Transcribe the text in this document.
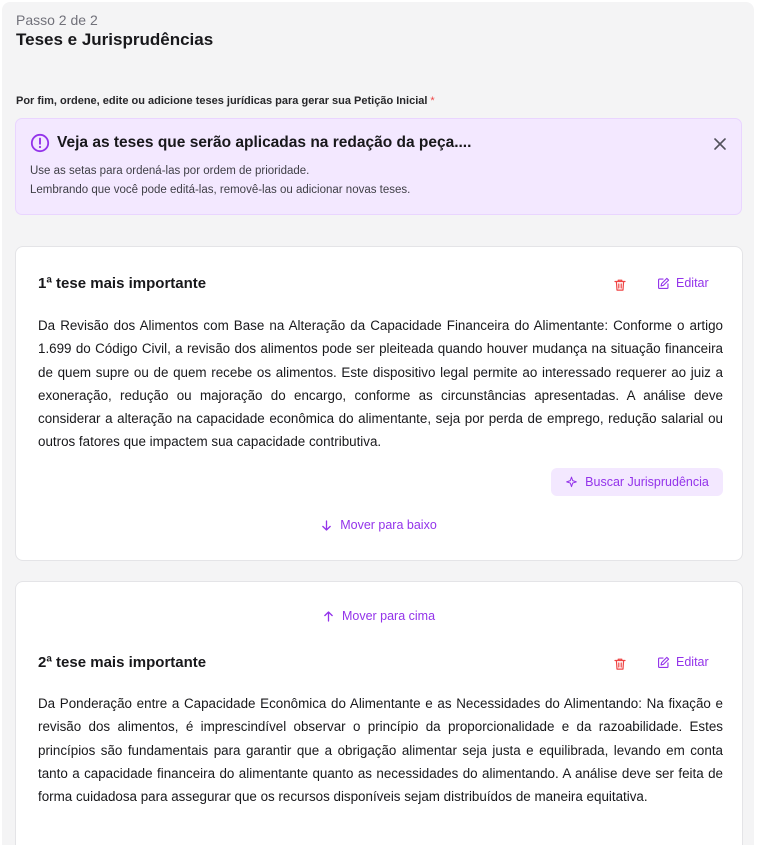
Passo 2 de 2
Teses e Jurisprudências
Por fim, ordene, edite ou adicione teses jurídicas para gerar sua Petição Inicial *
Veja as teses que serão aplicadas na redação da peça....
Use as setas para ordená-las por ordem de prioridade.
Lembrando que você pode editá-las, removê-las ou adicionar novas teses.
1ª tese mais importante	Editar
Da Revisão dos Alimentos com Base na Alteração da Capacidade Financeira do Alimentante: Conforme o artigo 1.699 do Código Civil, a revisão dos alimentos pode ser pleiteada quando houver mudança na situação financeira de quem supre ou de quem recebe os alimentos. Este dispositivo legal permite ao interessado requerer ao juiz a exoneração, redução ou majoração do encargo, conforme as circunstâncias apresentadas. A análise deve considerar a alteração na capacidade econômica do alimentante, seja por perda de emprego, redução salarial ou outros fatores que impactem sua capacidade contributiva.
Buscar Jurisprudência
Mover para baixo
Mover para cima
2ª tese mais importante	Editar
Da Ponderação entre a Capacidade Econômica do Alimentante e as Necessidades do Alimentando: Na fixação e revisão dos alimentos, é imprescindível observar o princípio da proporcionalidade e da razoabilidade. Estes princípios são fundamentais para garantir que a obrigação alimentar seja justa e equilibrada, levando em conta tanto a capacidade financeira do alimentante quanto as necessidades do alimentando. A análise deve ser feita de forma cuidadosa para assegurar que os recursos disponíveis sejam distribuídos de maneira equitativa.
